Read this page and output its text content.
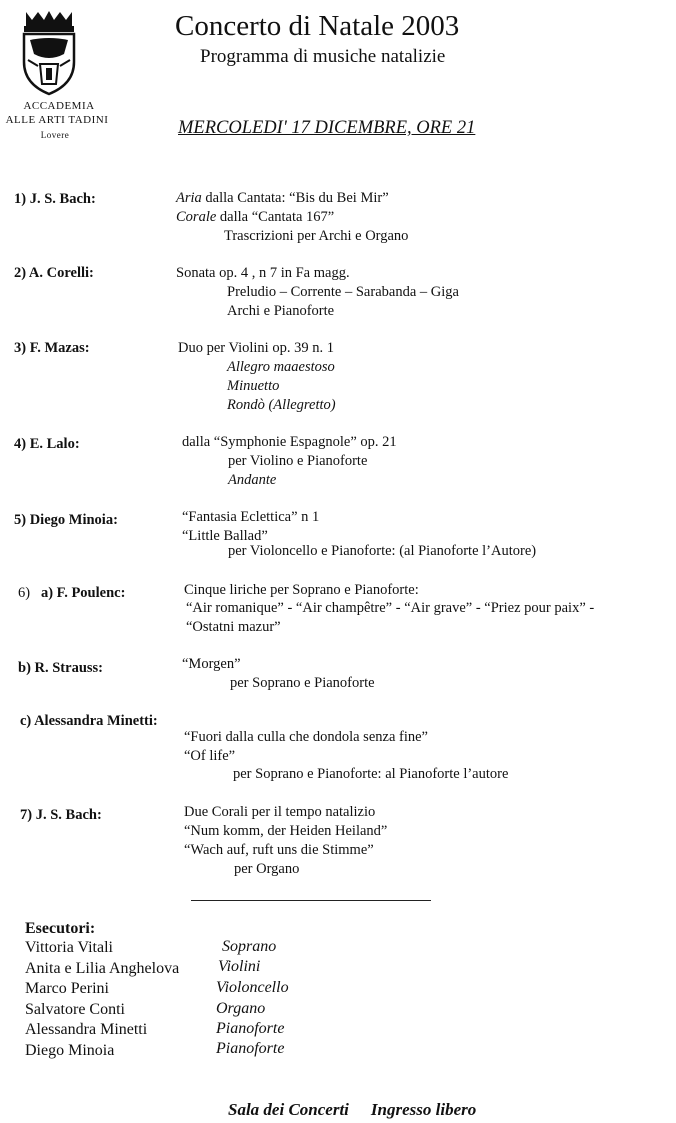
ACCADEMIA
ALLE ARTI TADINI
Lovere
Concerto di Natale 2003
Programma di musiche natalizie
MERCOLEDI' 17 DICEMBRE, ORE 21
1) J. S. Bach:	Aria dalla Cantata: “Bis du Bei Mir”
Corale dalla “Cantata 167”
Trascrizioni per Archi e Organo
2) A. Corelli:	Sonata op. 4 , n 7 in Fa magg.
Preludio – Corrente – Sarabanda – Giga
Archi e Pianoforte
3) F. Mazas:	Duo per Violini op. 39 n. 1
Allegro maaestoso
Minuetto
Rondò (Allegretto)
4) E. Lalo:	dalla “Symphonie Espagnole” op. 21
per Violino e Pianoforte
Andante
5) Diego Minoia:	“Fantasia Eclettica” n 1
“Little Ballad”
per Violoncello e Pianoforte: (al Pianoforte l’Autore)
6) a) F. Poulenc:	Cinque liriche per Soprano e Pianoforte:
“Air romanique” - “Air champêtre” - “Air grave” - “Priez pour paix” -
“Ostatni mazur”
b) R. Strauss:	“Morgen”
per Soprano e Pianoforte
c) Alessandra Minetti:
“Fuori dalla culla che dondola senza fine”
“Of life”
per Soprano e Pianoforte: al Pianoforte l’autore
7) J. S. Bach:	Due Corali per il tempo natalizio
“Num komm, der Heiden Heiland”
“Wach auf, ruft uns die Stimme”
per Organo
Esecutori:
Vittoria Vitali	Soprano
Anita e Lilia Anghelova Violini
Marco Perini	Violoncello
Salvatore Conti	Organo
Alessandra Minetti	Pianoforte
Diego Minoia	Pianoforte
Sala dei Concerti Ingresso libero
